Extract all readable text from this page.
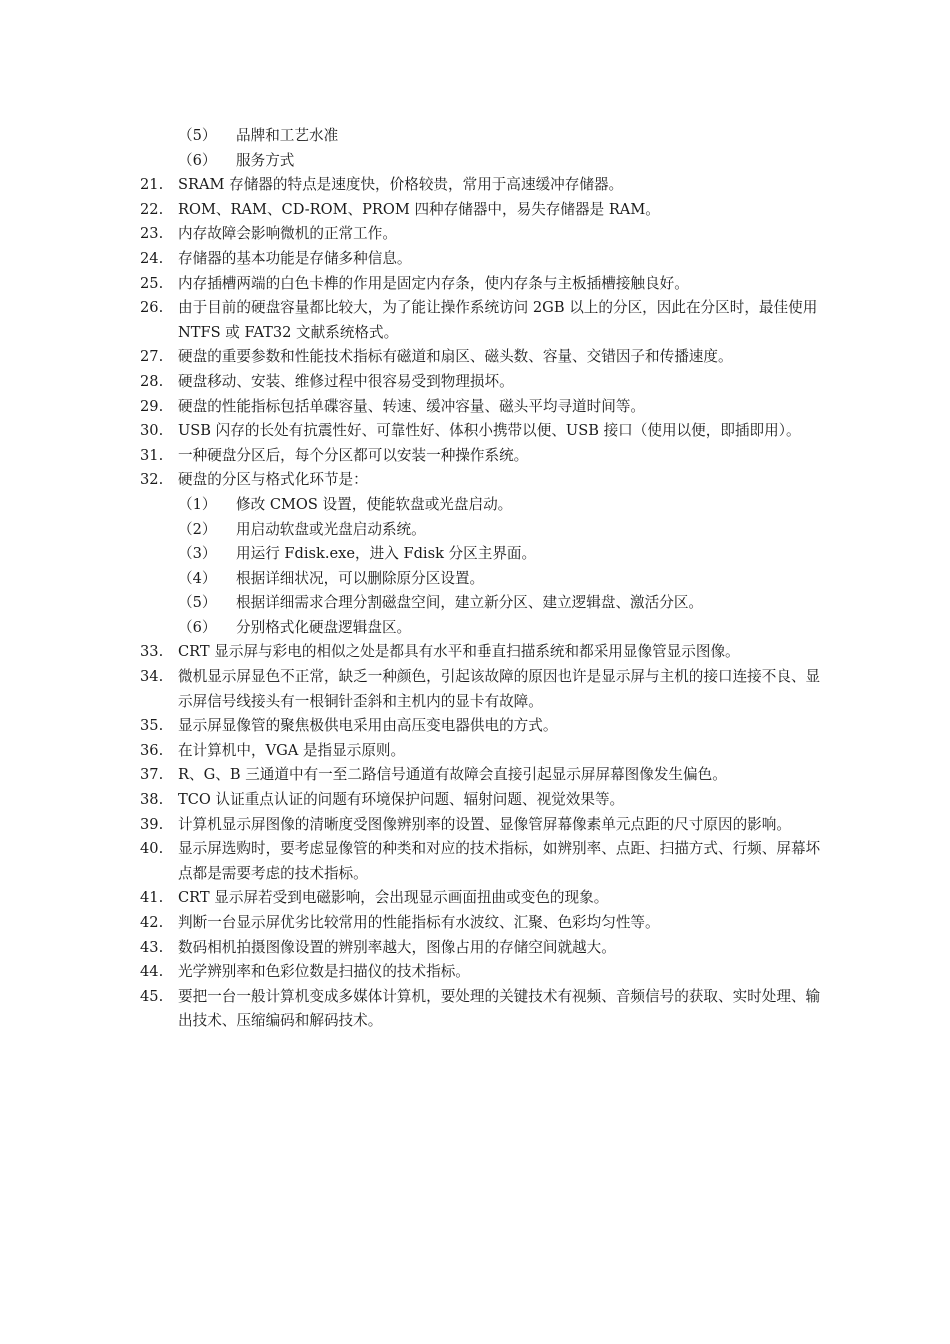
（5）	品牌和工艺水准
（6）	服务方式
21.	SRAM 存储器的特点是速度快，价格较贵，常用于高速缓冲存储器。
22.	ROM、RAM、CD-ROM、PROM 四种存储器中，易失存储器是 RAM。
23.	内存故障会影响微机的正常工作。
24.	存储器的基本功能是存储多种信息。
25.	内存插槽两端的白色卡榫的作用是固定内存条，使内存条与主板插槽接触良好。
26.	由于目前的硬盘容量都比较大，为了能让操作系统访问 2GB 以上的分区，因此在分区时，最佳使用 NTFS 或 FAT32 文献系统格式。
27.	硬盘的重要参数和性能技术指标有磁道和扇区、磁头数、容量、交错因子和传播速度。
28.	硬盘移动、安装、维修过程中很容易受到物理损坏。
29.	硬盘的性能指标包括单碟容量、转速、缓冲容量、磁头平均寻道时间等。
30.	USB 闪存的长处有抗震性好、可靠性好、体积小携带以便、USB 接口（使用以便，即插即用）。
31.	一种硬盘分区后，每个分区都可以安装一种操作系统。
32.	硬盘的分区与格式化环节是：
（1）	修改 CMOS 设置，使能软盘或光盘启动。
（2）	用启动软盘或光盘启动系统。
（3）	用运行 Fdisk.exe，进入 Fdisk 分区主界面。
（4）	根据详细状况，可以删除原分区设置。
（5）	根据详细需求合理分割磁盘空间，建立新分区、建立逻辑盘、激活分区。
（6）	分别格式化硬盘逻辑盘区。
33.	CRT 显示屏与彩电的相似之处是都具有水平和垂直扫描系统和都采用显像管显示图像。
34.	微机显示屏显色不正常，缺乏一种颜色，引起该故障的原因也许是显示屏与主机的接口连接不良、显示屏信号线接头有一根铜针歪斜和主机内的显卡有故障。
35.	显示屏显像管的聚焦极供电采用由高压变电器供电的方式。
36.	在计算机中，VGA 是指显示原则。
37.	R、G、B 三通道中有一至二路信号通道有故障会直接引起显示屏屏幕图像发生偏色。
38.	TCO 认证重点认证的问题有环境保护问题、辐射问题、视觉效果等。
39.	计算机显示屏图像的清晰度受图像辨别率的设置、显像管屏幕像素单元点距的尺寸原因的影响。
40.	显示屏选购时，要考虑显像管的种类和对应的技术指标，如辨别率、点距、扫描方式、行频、屏幕坏点都是需要考虑的技术指标。
41.	CRT 显示屏若受到电磁影响，会出现显示画面扭曲或变色的现象。
42.	判断一台显示屏优劣比较常用的性能指标有水波纹、汇聚、色彩均匀性等。
43.	数码相机拍摄图像设置的辨别率越大，图像占用的存储空间就越大。
44.	光学辨别率和色彩位数是扫描仪的技术指标。
45.	要把一台一般计算机变成多媒体计算机，要处理的关键技术有视频、音频信号的获取、实时处理、输出技术、压缩编码和解码技术。
